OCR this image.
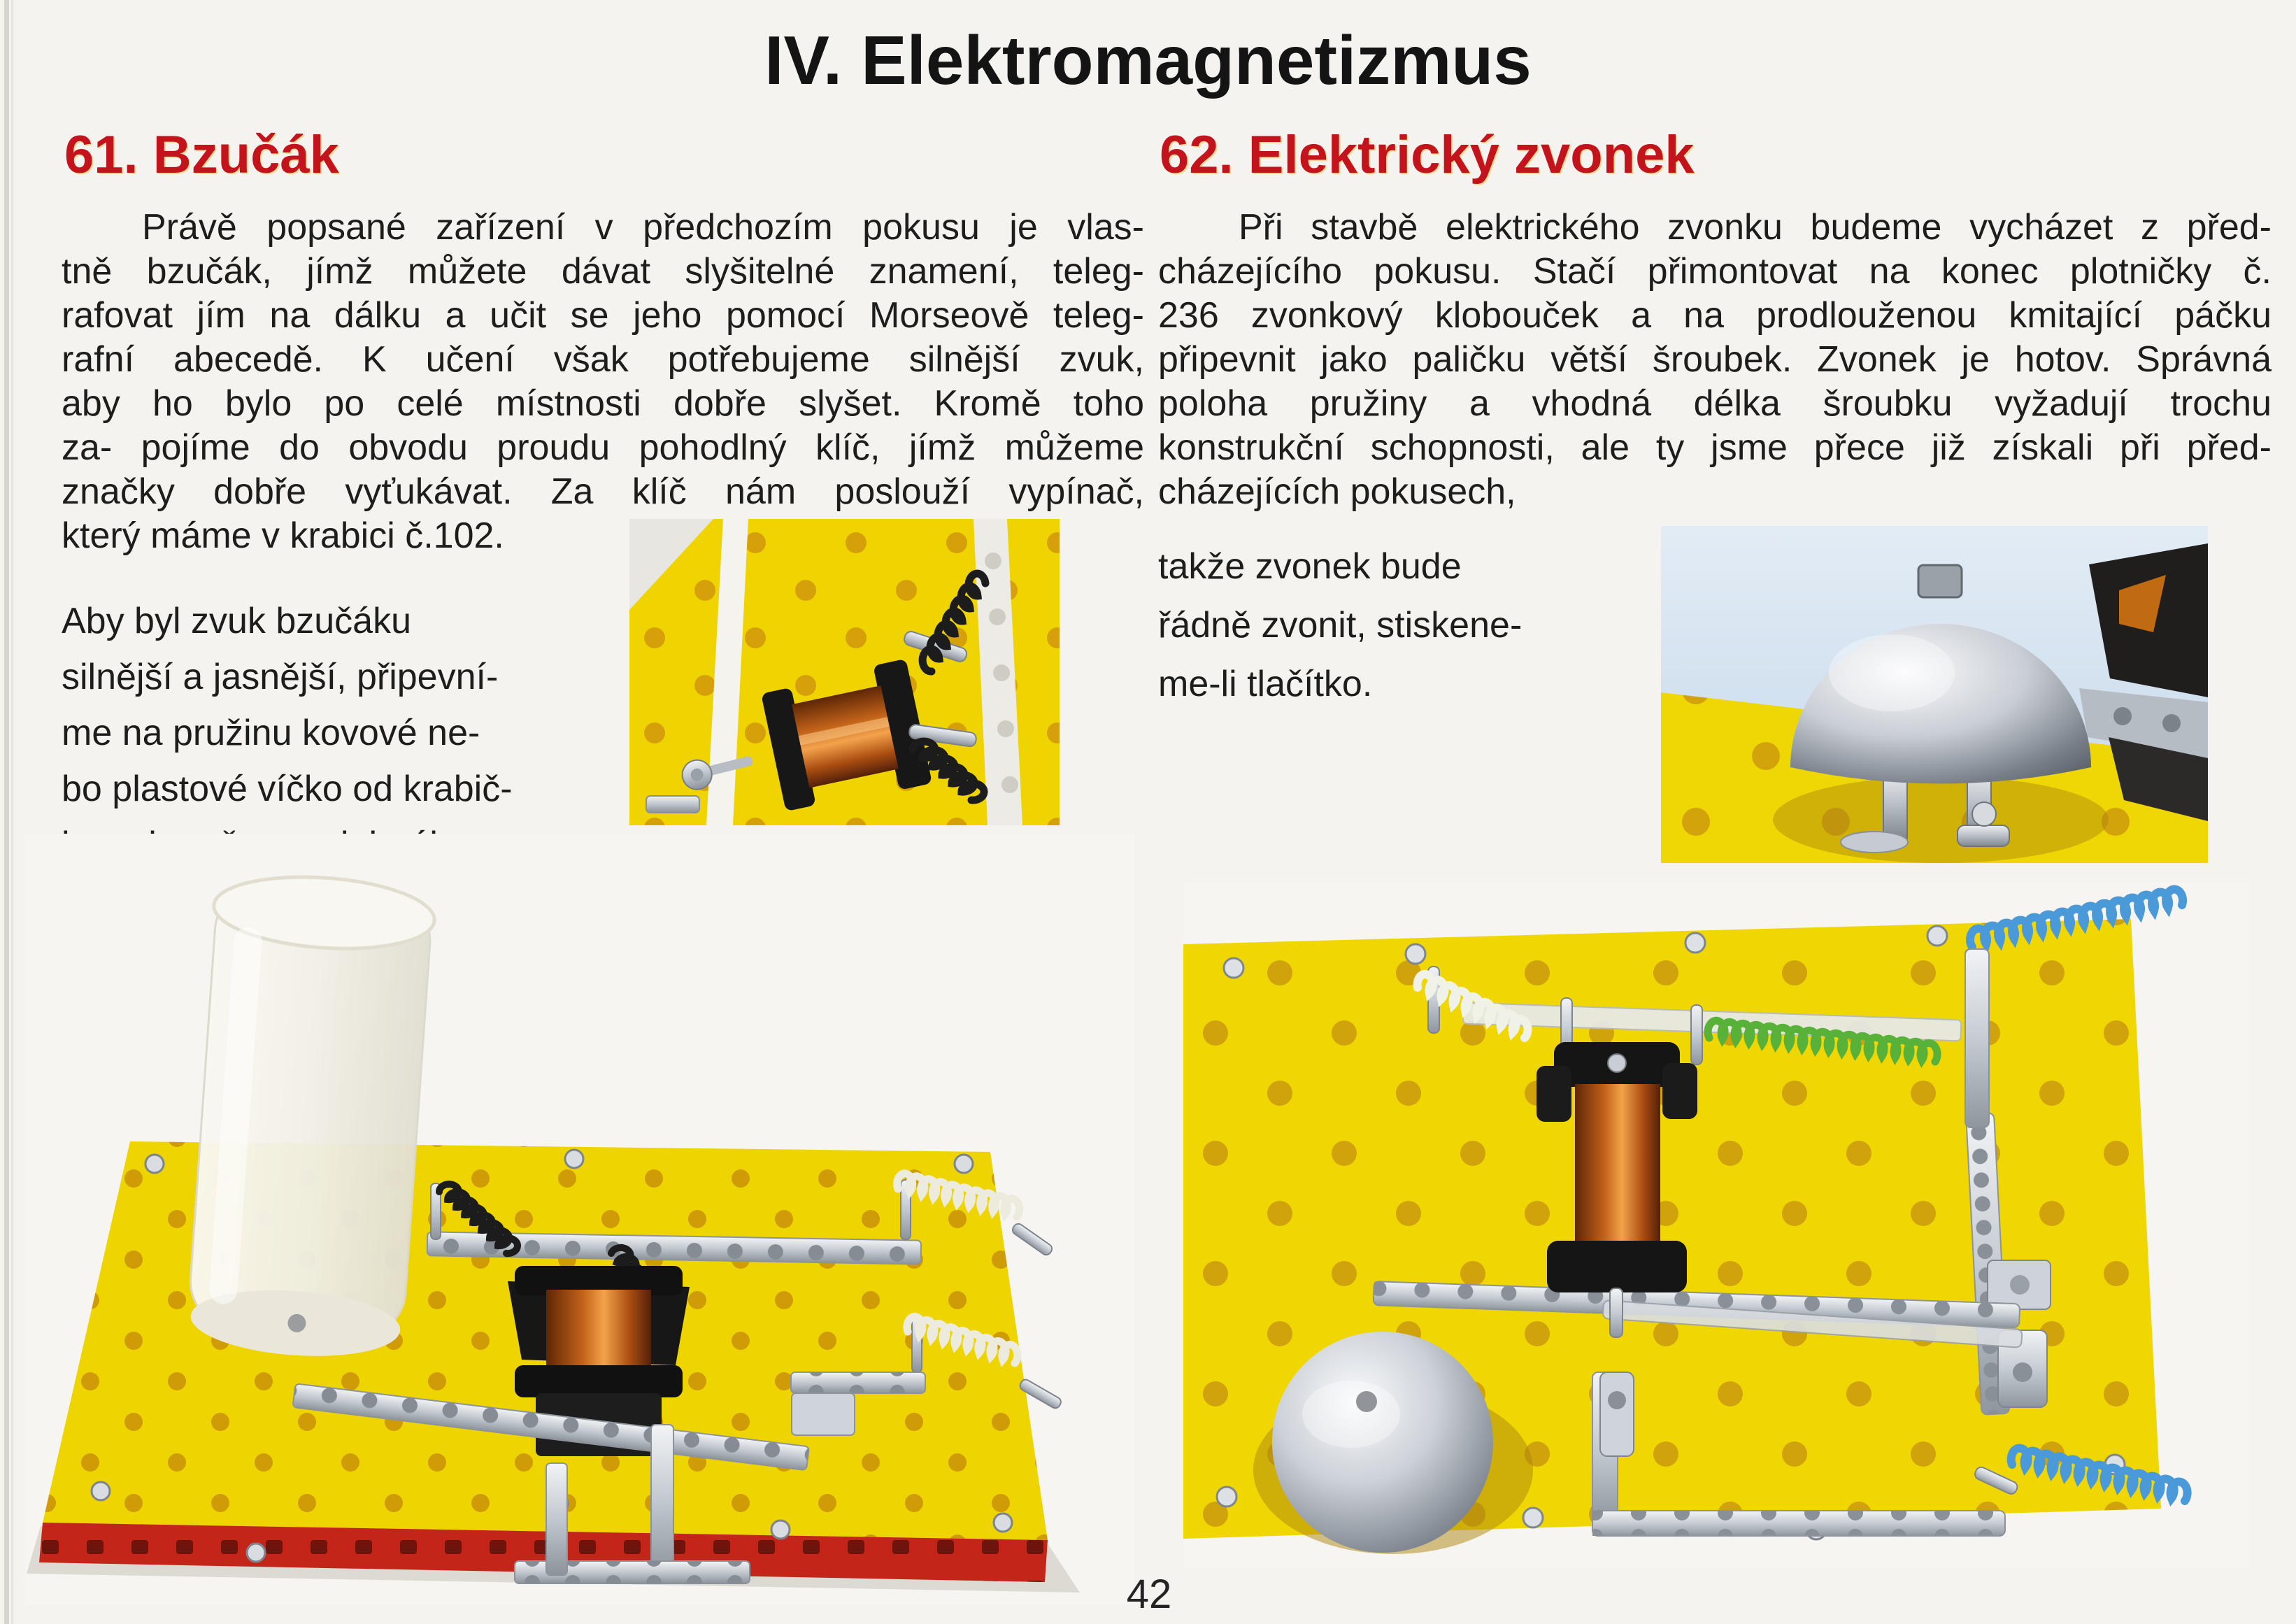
IV. Elektromagnetizmus
61. Bzučák	62. Elektrický zvonek
Právě popsané zařízení v předchozím pokusu je vlas-
tně bzučák, jímž můžete dávat slyšitelné znamení, teleg-
rafovat jím na dálku a učit se jeho pomocí Morseově teleg-
rafní abecedě. K učení však potřebujeme silnější zvuk,
aby ho bylo po celé místnosti dobře slyšet. Kromě toho
za- pojíme do obvodu proudu pohodlný klíč, jímž můžeme
značky dobře vyťukávat. Za klíč nám poslouží vypínač,
který máme v krabici č.102.
Aby byl zvuk bzučáku
silnější a jasnější, připevní-
me na pružinu kovové ne-
bo plastové víčko od krabič-
Při stavbě elektrického zvonku budeme vycházet z před-
cházejícího pokusu. Stačí přimontovat na konec plotničky č.
236 zvonkový klobouček a na prodlouženou kmitající páčku
připevnit jako paličku větší šroubek. Zvonek je hotov. Správná
poloha pružiny a vhodná délka šroubku vyžadují trochu
konstrukční schopnosti, ale ty jsme přece již získali při před-
cházejících pokusech,
takže zvonek bude
řádně zvonit, stiskene-
me-li tlačítko.
42
